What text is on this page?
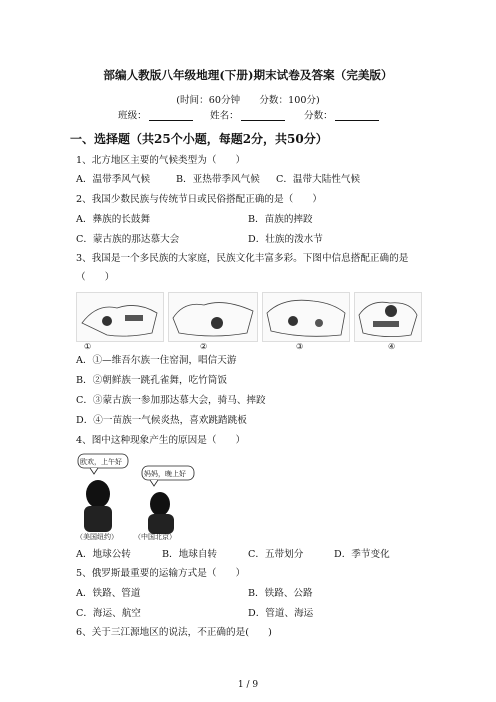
部编人教版八年级地理(下册)期末试卷及答案（完美版）
(时间：60分钟　　分数：100分)
班级：	姓名：	分数：
一、选择题（共25个小题，每题2分，共50分）
1、北方地区主要的气候类型为（　　）
A．温带季风气候	B．亚热带季风气候 C．温带大陆性气候
2、我国少数民族与传统节日或民俗搭配正确的是（　　）
A．彝族的长鼓舞	B．苗族的摔跤
C．蒙古族的那达慕大会	D．壮族的泼水节
3、我国是一个多民族的大家庭，民族文化丰富多彩。下图中信息搭配正确的是
（　　）
①	②	③	④
A．①—维吾尔族一住窑洞，唱信天游
B．②朝鲜族一跳孔雀舞，吃竹筒饭
C．③蒙古族一参加那达慕大会，骑马、摔跤
D．④一苗族一气候炎热，喜欢跳踏跳板
4、图中这种现象产生的原因是（　　）
欧欢，上午好
妈妈，晚上好
（美国纽约） （中国北京）
A．地球公转	B．地球自转	C．五带划分	D．季节变化
5、俄罗斯最重要的运输方式是（　　）
A．铁路、管道	B．铁路、公路
C．海运、航空	D．管道、海运
6、关于三江源地区的说法，不正确的是(　　)
1 / 9
